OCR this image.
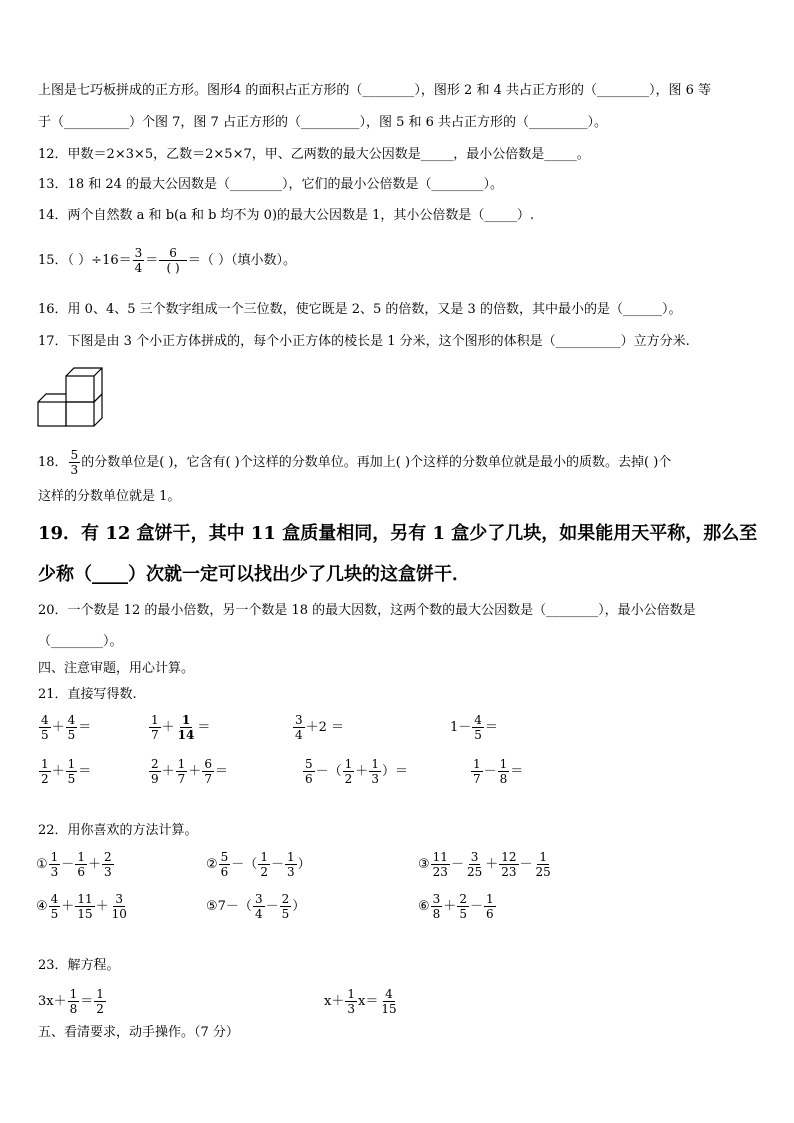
上图是七巧板拼成的正方形。图形4 的面积占正方形的（________），图形 2 和 4 共占正方形的（________），图 6 等
于（__________）个图 7，图 7 占正方形的（_________），图 5 和 6 共占正方形的（_________）。
12．甲数＝2×3×5，乙数＝2×5×7，甲、乙两数的最大公因数是_____，最小公倍数是_____。
13．18 和 24 的最大公因数是（________），它们的最小公倍数是（________）。
14．两个自然数 a 和 b(a 和 b 均不为 0)的最大公因数是 1，其小公倍数是（_____）.
15．（ ）$\div 16= \frac{3}{4} = \frac{6}{( )}$ ＝（ ）（填小数）。
16．用 0、4、5 三个数字组成一个三位数，使它既是 2、5 的倍数，又是 3 的倍数，其中最小的是（______）。
17．下图是由 3 个小正方体拼成的，每个小正方体的棱长是 1 分米，这个图形的体积是（__________）立方分米.
18． $\frac{5}{3}$ 的分数单位是( )，它含有( )个这样的分数单位。再加上( )个这样的分数单位就是最小的质数。去掉( )个
这样的分数单位就是 1。
19．有 12 盒饼干，其中 11 盒质量相同，另有 1 盒少了几块，如果能用天平称，那么至
少称（____）次就一定可以找出少了几块的这盒饼干．
20．一个数是 12 的最小倍数，另一个数是 18 的最大因数，这两个数的最大公因数是（________），最小公倍数是
（________）。
四、注意审题，用心计算。
21．直接写得数.
$\frac{4}{5} + \frac{4}{5}$ ＝	$\frac{1}{7} + \frac{1}{14}$ ＝	$\frac{3}{4} +2$ ＝	$1- \frac{4}{5}$ ＝
$\frac{1}{2} + \frac{1}{5}$ ＝	$\frac{2}{9} + \frac{1}{7} + \frac{6}{7}$ ＝	$\frac{5}{6}$ －（ $\frac{1}{2} + \frac{1}{3}$ ）＝	$\frac{1}{7} - \frac{1}{8}$ ＝
22．用你喜欢的方法计算。
① $\frac{1}{3} - \frac{1}{6} + \frac{2}{3}$	② $\frac{5}{6}$ －（ $\frac{1}{2} - \frac{1}{3}$ ）	③ $\frac{11}{23} - \frac{3}{25} + \frac{12}{23} - \frac{1}{25}$
④ $\frac{4}{5} + \frac{11}{15} + \frac{3}{10}$	⑤7－（ $\frac{3}{4} - \frac{2}{5}$ ）	⑥ $\frac{3}{8} + \frac{2}{5} - \frac{1}{6}$
23．解方程。
$3x+ \frac{1}{8} = \frac{1}{2}$	$x+ \frac{1}{3} x= \frac{4}{15}$
五、看清要求，动手操作。（7 分）
